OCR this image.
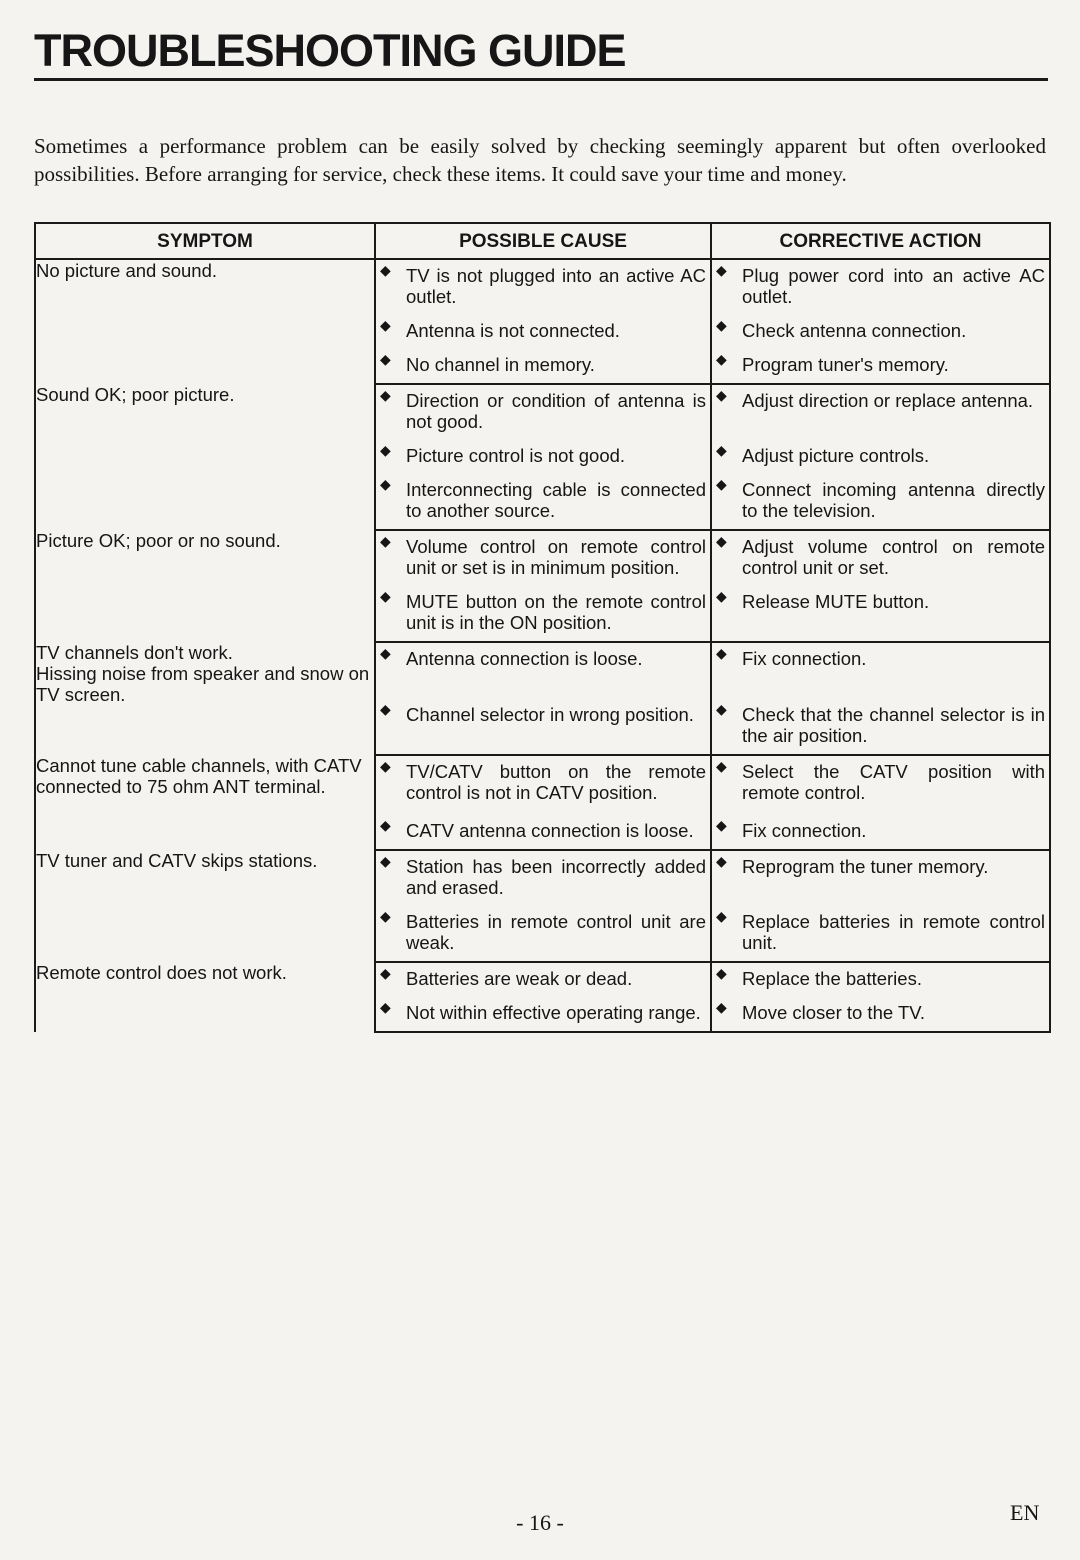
TROUBLESHOOTING GUIDE

Sometimes a performance problem can be easily solved by checking seemingly apparent but often overlooked possibilities. Before arranging for service, check these items. It could save your time and money.

SYMPTOM	POSSIBLE CAUSE	CORRECTIVE ACTION
No picture and sound.	◆ TV is not plugged into an active AC outlet.	◆ Plug power cord into an active AC outlet.

	◆ Antenna is not connected.	◆ Check antenna connection.

	◆ No channel in memory.	◆ Program tuner's memory.

Sound OK; poor picture.	◆ Direction or condition of antenna is not good.	◆ Adjust direction or replace antenna.

	◆ Picture control is not good.	◆ Adjust picture controls.

	◆ Interconnecting cable is connected to another source.	◆ Connect incoming antenna directly to the television.

Picture OK; poor or no sound.	◆ Volume control on remote control unit or set is in minimum position.	◆ Adjust volume control on remote control unit or set.

	◆ MUTE button on the remote control unit is in the ON position.	◆ Release MUTE button.

TV channels don't work.
Hissing noise from speaker and snow on TV screen.	◆ Antenna connection is loose.	◆ Fix connection.

	◆ Channel selector in wrong position.	◆ Check that the channel selector is in the air position.

Cannot tune cable channels, with CATV connected to 75 ohm ANT terminal.	◆ TV/CATV button on the remote control is not in CATV position.	◆ Select the CATV position with remote control.

	◆ CATV antenna connection is loose.	◆ Fix connection.

TV tuner and CATV skips stations.	◆ Station has been incorrectly added and erased.	◆ Reprogram the tuner memory.

	◆ Batteries in remote control unit are weak.	◆ Replace batteries in remote control unit.

Remote control does not work.	◆ Batteries are weak or dead.	◆ Replace the batteries.

	◆ Not within effective operating range.	◆ Move closer to the TV.
- 16 -	EN
